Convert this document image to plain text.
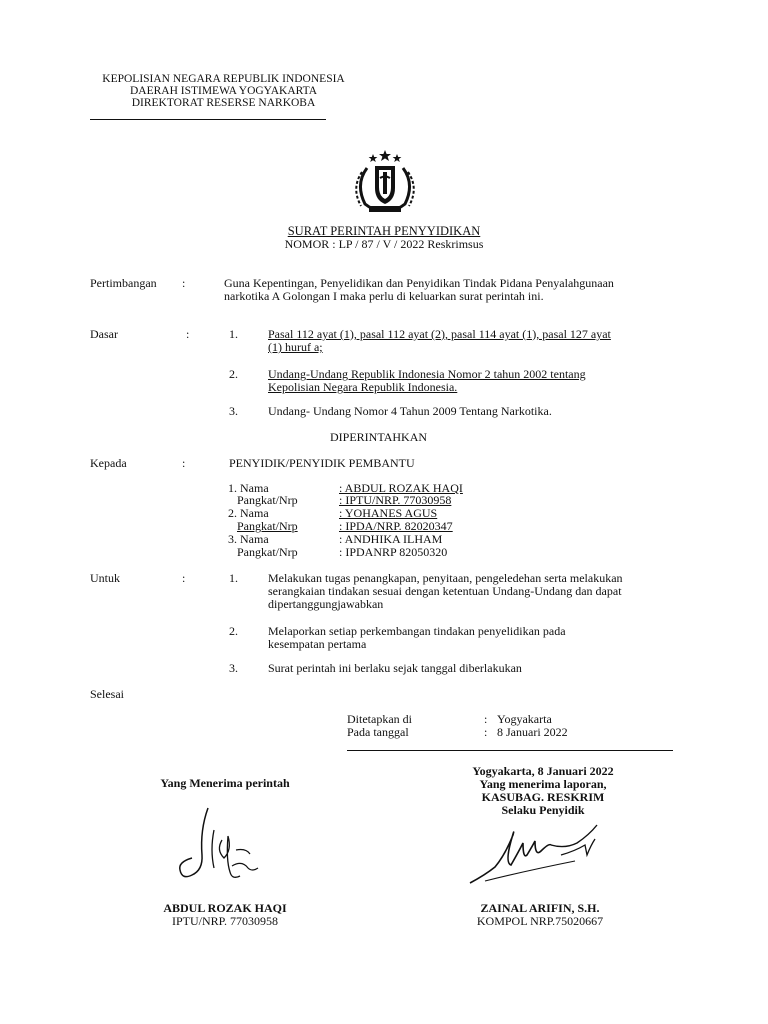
KEPOLISIAN NEGARA REPUBLIK INDONESIA
DAERAH ISTIMEWA YOGYAKARTA
DIREKTORAT RESERSE NARKOBA
SURAT PERINTAH PENYYIDIKAN
NOMOR : LP / 87 / V / 2022 Reskrimsus
Pertimbangan :	Guna Kepentingan, Penyelidikan dan Penyidikan Tindak Pidana Penyalahgunaan
narkotika A Golongan I maka perlu di keluarkan surat perintah ini.
Dasar	:	1.	Pasal 112 ayat (1), pasal 112 ayat (2), pasal 114 ayat (1), pasal 127 ayat
(1) huruf a;
2.	Undang-Undang Republik Indonesia Nomor 2 tahun 2002 tentang
Kepolisian Negara Republik Indonesia.
3.	Undang- Undang Nomor 4 Tahun 2009 Tentang Narkotika.
DIPERINTAHKAN
Kepada	:	PENYIDIK/PENYIDIK PEMBANTU
1. Nama	: ABDUL ROZAK HAQI
Pangkat/Nrp	: IPTU/NRP. 77030958
2. Nama	: YOHANES AGUS
Pangkat/Nrp	: IPDA/NRP. 82020347
3. Nama	: ANDHIKA ILHAM
Pangkat/Nrp	: IPDANRP 82050320
Untuk	:	1.	Melakukan tugas penangkapan, penyitaan, pengeledehan serta melakukan
serangkaian tindakan sesuai dengan ketentuan Undang-Undang dan dapat
dipertanggungjawabkan
2.	Melaporkan setiap perkembangan tindakan penyelidikan pada
kesempatan pertama
3.	Surat perintah ini berlaku sejak tanggal diberlakukan
Selesai
Ditetapkan di	: Yogyakarta
Pada tanggal	: 8 Januari 2022
Yogyakarta, 8 Januari 2022
Yang menerima laporan,
KASUBAG. RESKRIM
Selaku Penyidik
Yang Menerima perintah
ABDUL ROZAK HAQI
IPTU/NRP. 77030958
ZAINAL ARIFIN, S.H.
KOMPOL NRP.75020667
